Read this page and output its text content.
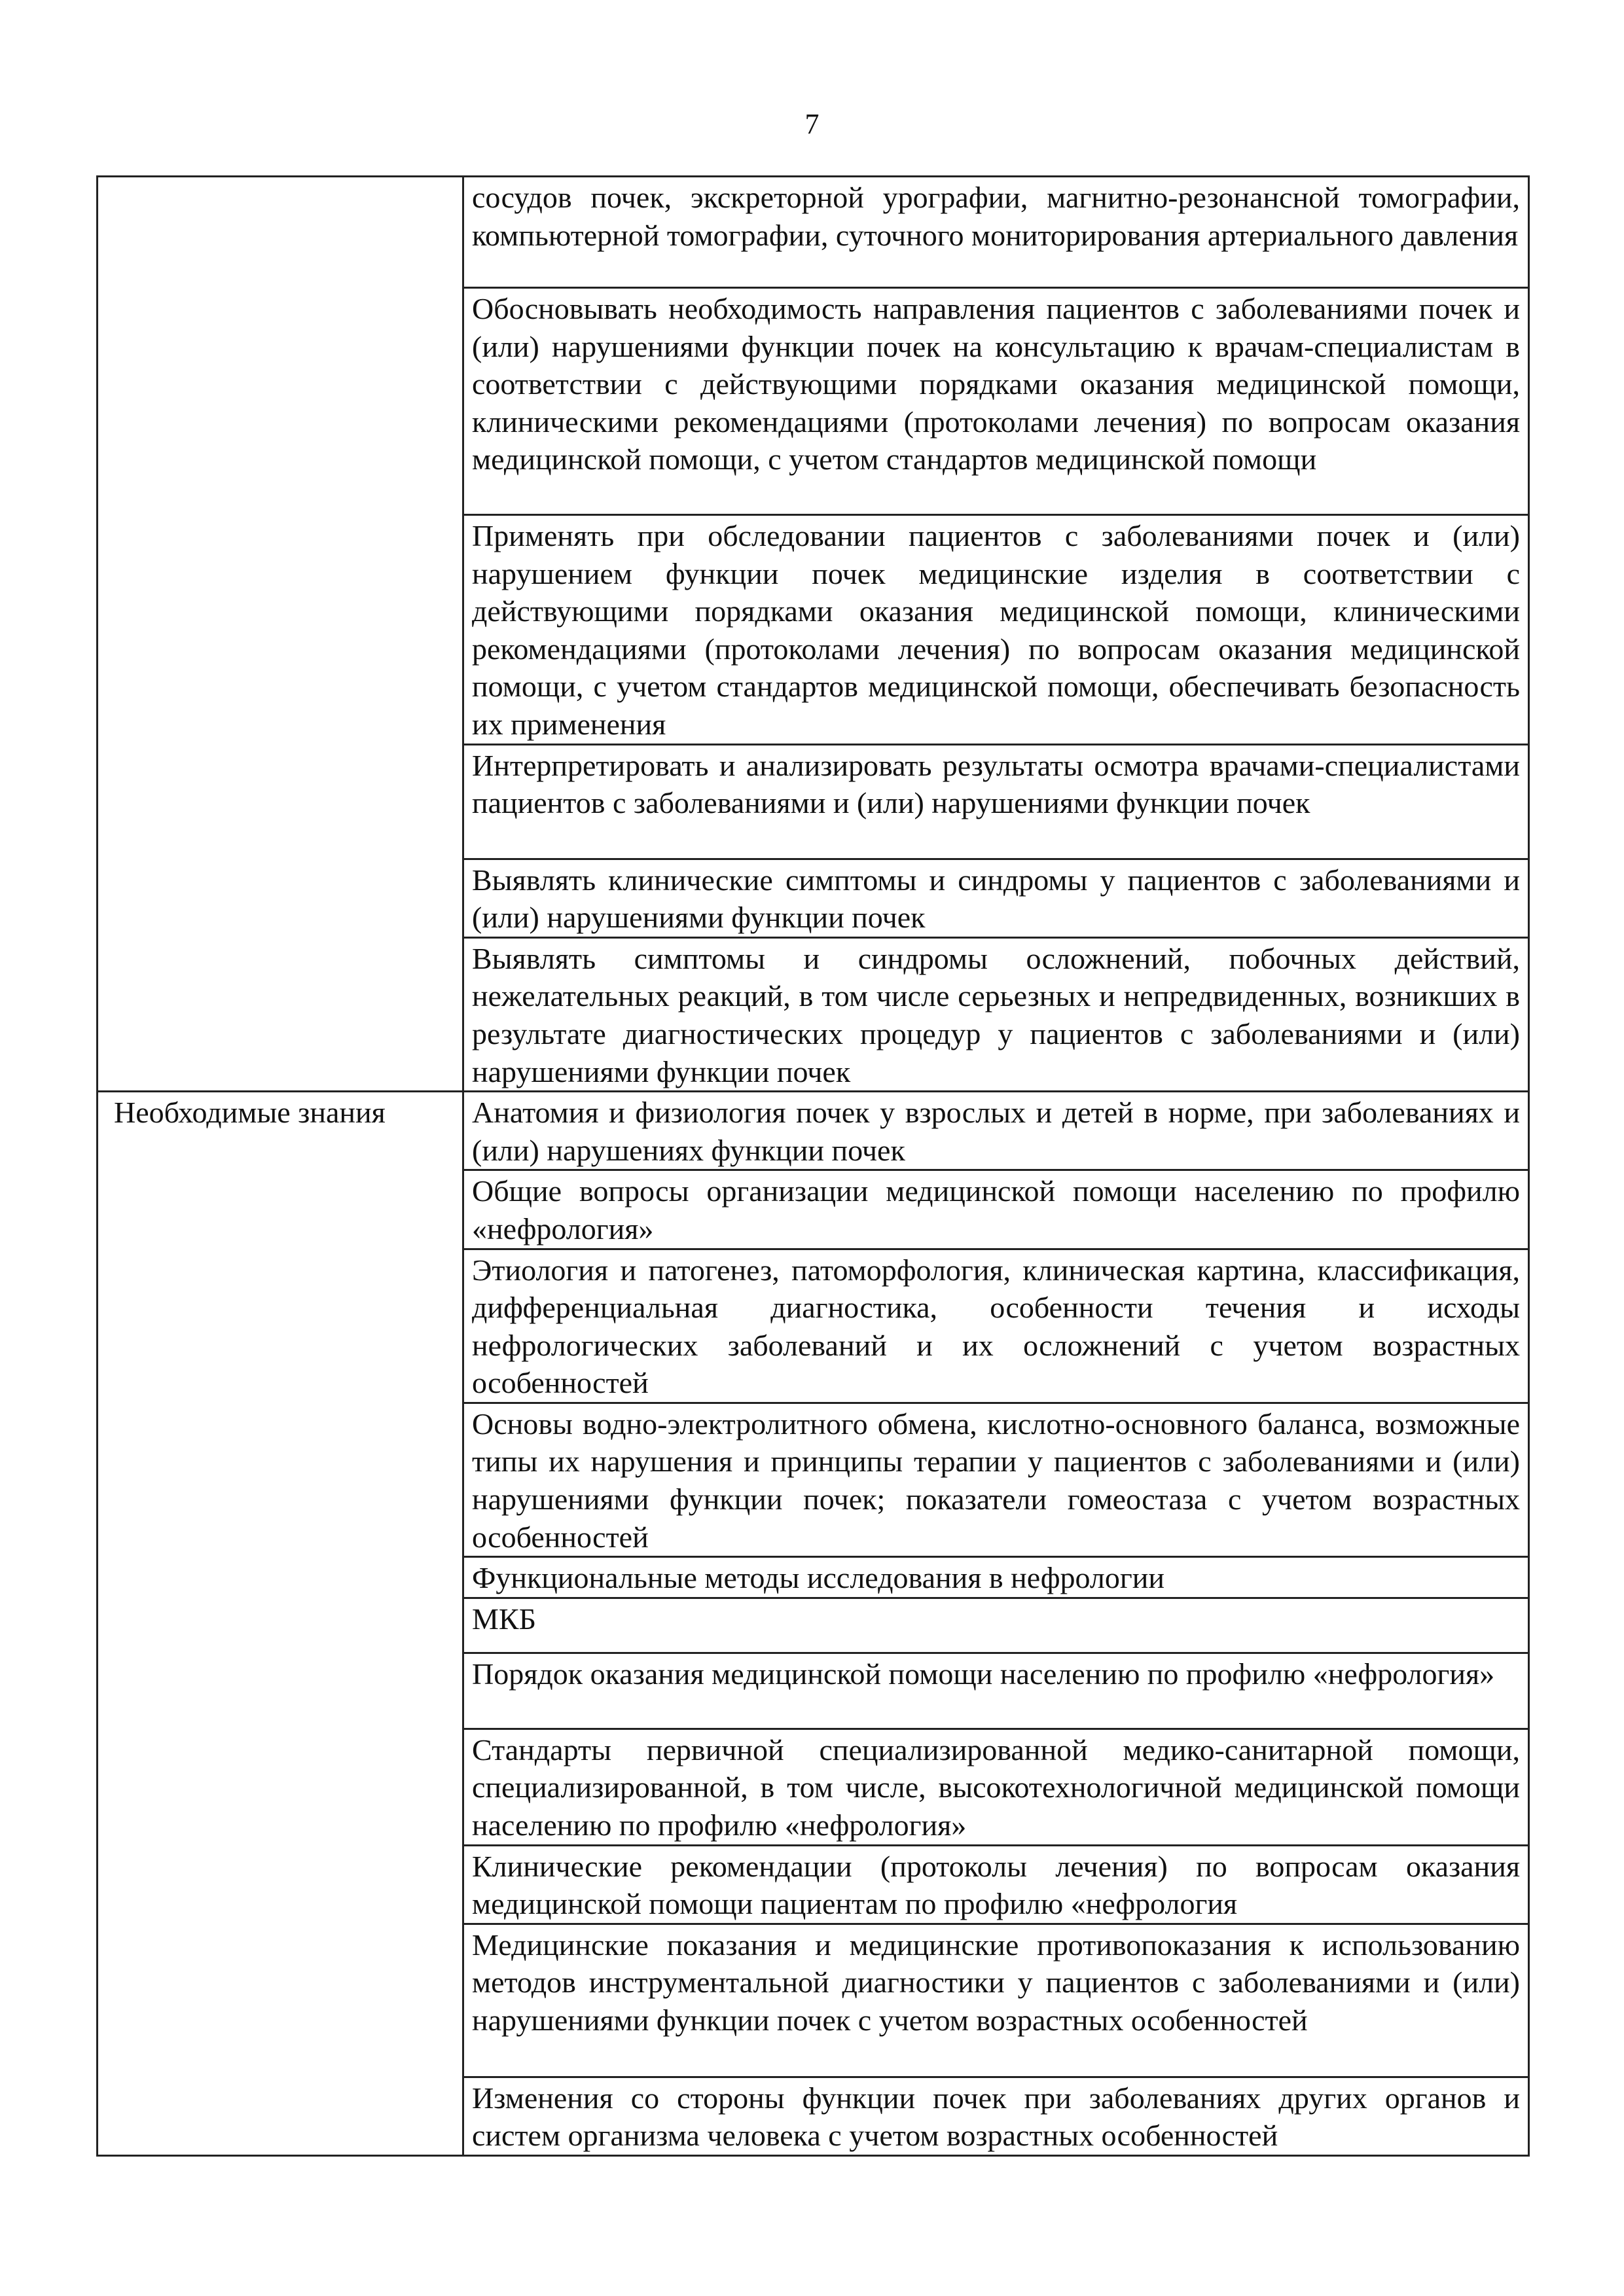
7
	сосудов почек, экскреторной урографии, магнитно-резонансной томографии, компьютерной томографии, суточного мониторирования артериального давления
	Обосновывать необходимость направления пациентов с заболеваниями почек и (или) нарушениями функции почек на консультацию к врачам-специалистам в соответствии с действующими порядками оказания медицинской помощи, клиническими рекомендациями (протоколами лечения) по вопросам оказания медицинской помощи, с учетом стандартов медицинской помощи
	Применять при обследовании пациентов с заболеваниями почек и (или) нарушением функции почек медицинские изделия в соответствии с действующими порядками оказания медицинской помощи, клиническими рекомендациями (протоколами лечения) по вопросам оказания медицинской помощи, с учетом стандартов медицинской помощи, обеспечивать безопасность их применения
	Интерпретировать и анализировать результаты осмотра врачами-специалистами пациентов с заболеваниями и (или) нарушениями функции почек
	Выявлять клинические симптомы и синдромы у пациентов с заболеваниями и (или) нарушениями функции почек
	Выявлять симптомы и синдромы осложнений, побочных действий, нежелательных реакций, в том числе серьезных и непредвиденных, возникших в результате диагностических процедур у пациентов с заболеваниями и (или) нарушениями функции почек
Необходимые знания	Анатомия и физиология почек у взрослых и детей в норме, при заболеваниях и (или) нарушениях функции почек
	Общие вопросы организации медицинской помощи населению по профилю «нефрология»
	Этиология и патогенез, патоморфология, клиническая картина, классификация, дифференциальная диагностика, особенности течения и исходы нефрологических заболеваний и их осложнений с учетом возрастных особенностей
	Основы водно-электролитного обмена, кислотно-основного баланса, возможные типы их нарушения и принципы терапии у пациентов с заболеваниями и (или) нарушениями функции почек; показатели гомеостаза с учетом возрастных особенностей
	Функциональные методы исследования в нефрологии
	МКБ
	Порядок оказания медицинской помощи населению по профилю «нефрология»
	Стандарты первичной специализированной медико-санитарной помощи, специализированной, в том числе, высокотехнологичной медицинской помощи населению по профилю «нефрология»
	Клинические рекомендации (протоколы лечения) по вопросам оказания медицинской помощи пациентам по профилю «нефрология
	Медицинские показания и медицинские противопоказания к использованию методов инструментальной диагностики у пациентов с заболеваниями и (или) нарушениями функции почек с учетом возрастных особенностей
	Изменения со стороны функции почек при заболеваниях других органов и систем организма человека с учетом возрастных особенностей
